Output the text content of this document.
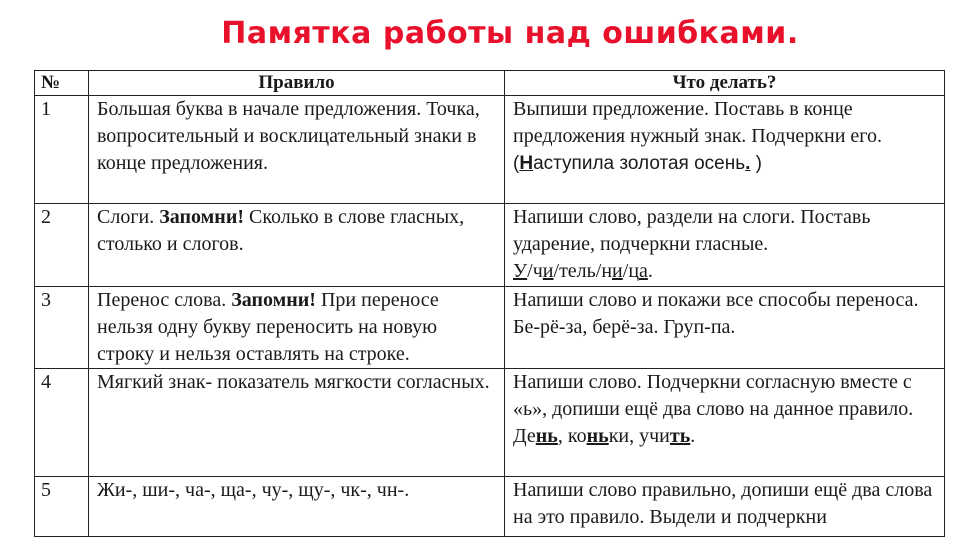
Памятка работы над ошибками.
№	Правило	Что делать?
1	Большая буква в начале предложения. Точка, вопросительный и восклицательный знаки в конце предложения.	Выпиши предложение. Поставь в конце предложения нужный знак. Подчеркни его.
(Наступила золотая осень. )

2	Слоги. Запомни! Сколько в слове гласных, столько и слогов.	Напиши слово, раздели на слоги. Поставь ударение, подчеркни гласные.
У/чи/тель/ни/ца.

3	Перенос слова. Запомни! При переносе нельзя одну букву переносить на новую строку и нельзя оставлять на строке.	Напиши слово и покажи все способы переноса.
Бе-рё-за, берё-за. Груп-па.

4	Мягкий знак- показатель мягкости согласных.	Напиши слово. Подчеркни согласную вместе с «ь», допиши ещё два слово на данное правило.
День, коньки, учить.

5	Жи-, ши-, ча-, ща-, чу-, щу-, чк-, чн-.	Напиши слово правильно, допиши ещё два слова на это правило. Выдели и подчеркни
